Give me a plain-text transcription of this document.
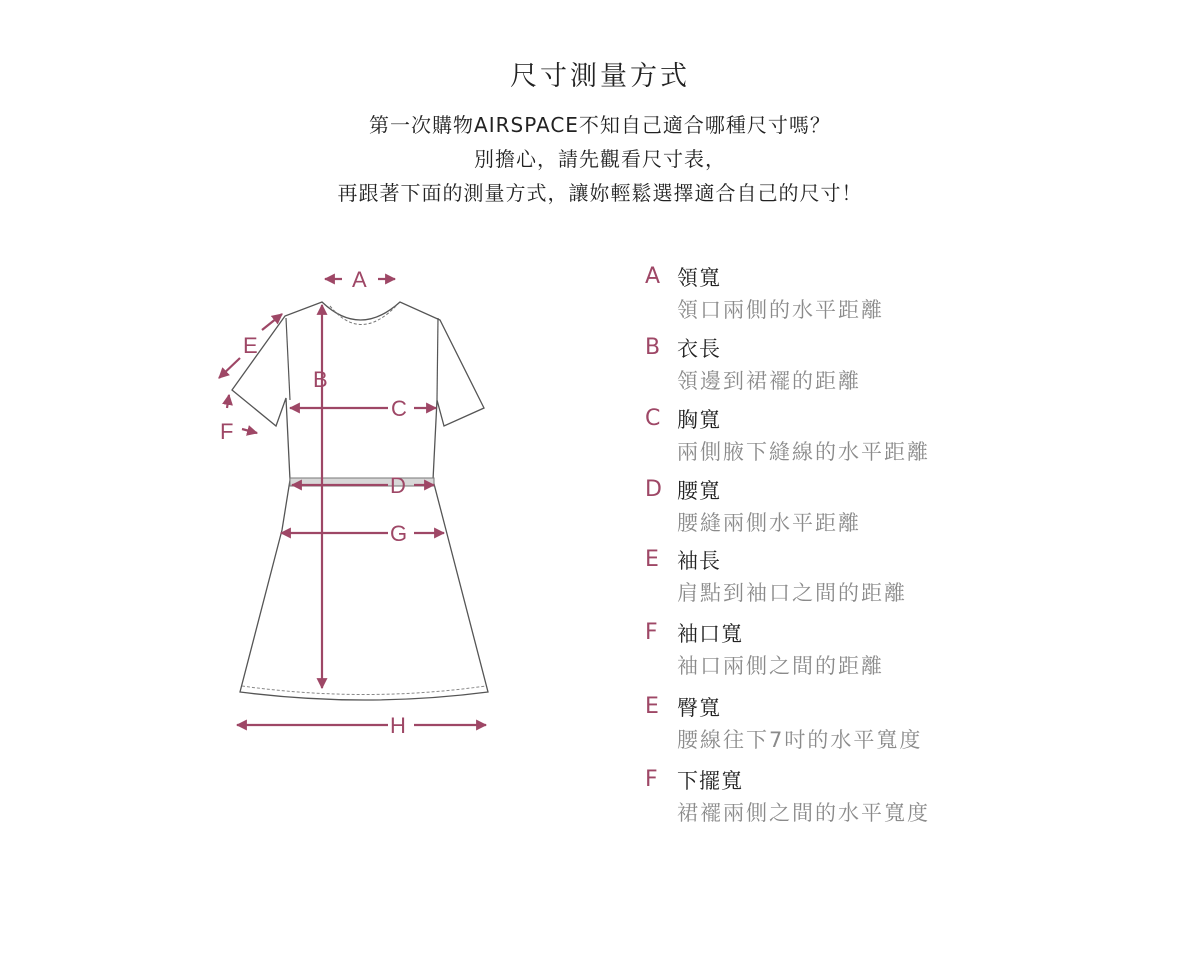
尺寸測量方式
第一次購物AIRSPACE不知自己適合哪種尺寸嗎？
別擔心，請先觀看尺寸表，
再跟著下面的測量方式，讓妳輕鬆選擇適合自己的尺寸！
A
B
C
D
G
H
E
F
A 領寬
領口兩側的水平距離
B 衣長
領邊到裙襬的距離
C 胸寬
兩側腋下縫線的水平距離
D 腰寬
腰縫兩側水平距離
E 袖長
肩點到袖口之間的距離
F 袖口寬
袖口兩側之間的距離
E 臀寬
腰線往下7吋的水平寬度
F 下擺寬
裙襬兩側之間的水平寬度
